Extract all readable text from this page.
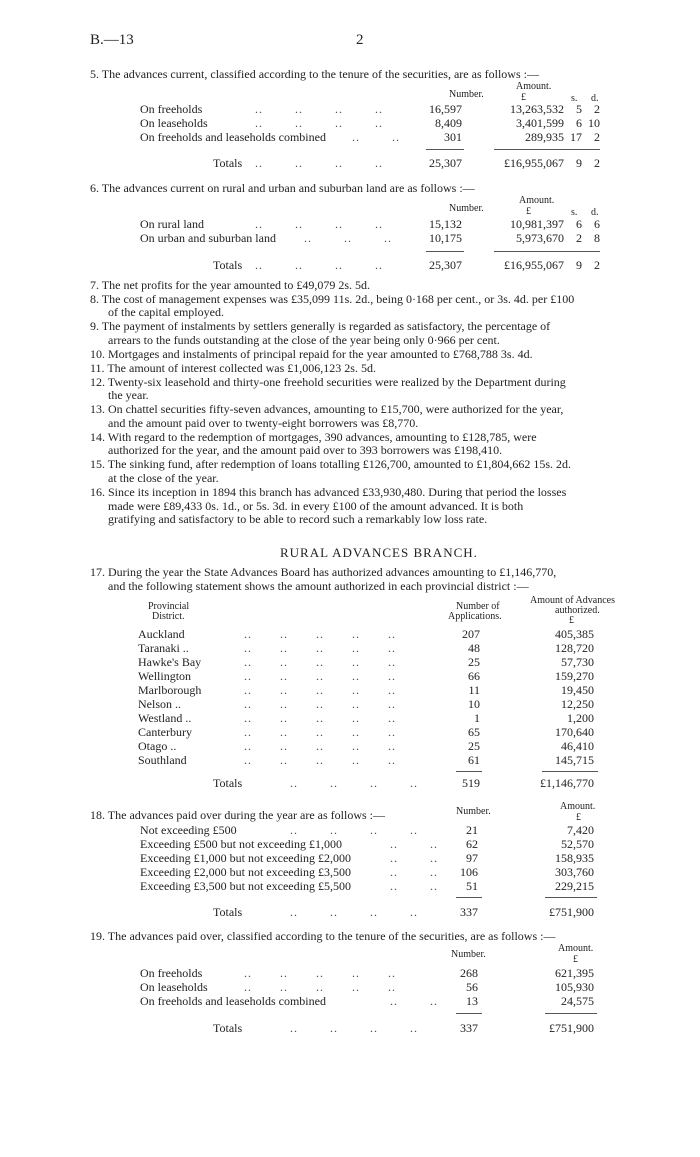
B.—13	2
5. The advances current, classified according to the tenure of the securities, are as follows :—
Amount.
Number.	£	s. d.
On freeholds	..        ..        ..        ..	16,597	13,263,532	5	2
On leaseholds	..        ..        ..        ..	8,409	3,401,599	6 10
On freeholds and leaseholds combined ..        ..	301	289,935 17	2
Totals ..        ..        ..        ..	25,307	£16,955,067	9	2
6. The advances current on rural and urban and suburban land are as follows :—
Amount.
Number.	£	s. d.
On rural land	..        ..        ..        ..	15,132	10,981,397	6	6
On urban and suburban land ..        ..        ..	10,175	5,973,670	2	8
Totals ..        ..        ..        ..	25,307	£16,955,067	9	2
7. The net profits for the year amounted to £49,079 2s. 5d.
8. The cost of management expenses was £35,099 11s. 2d., being 0·168 per cent., or 3s. 4d. per £100
of the capital employed.
9. The payment of instalments by settlers generally is regarded as satisfactory, the percentage of
arrears to the funds outstanding at the close of the year being only 0·966 per cent.
10. Mortgages and instalments of principal repaid for the year amounted to £768,788 3s. 4d.
11. The amount of interest collected was £1,006,123 2s. 5d.
12. Twenty-six leasehold and thirty-one freehold securities were realized by the Department during
the year.
13. On chattel securities fifty-seven advances, amounting to £15,700, were authorized for the year,
and the amount paid over to twenty-eight borrowers was £8,770.
14. With regard to the redemption of mortgages, 390 advances, amounting to £128,785, were
authorized for the year, and the amount paid over to 393 borrowers was £198,410.
15. The sinking fund, after redemption of loans totalling £126,700, amounted to £1,804,662 15s. 2d.
at the close of the year.
16. Since its inception in 1894 this branch has advanced £33,930,480. During that period the losses
made were £89,433 0s. 1d., or 5s. 3d. in every £100 of the amount advanced. It is both
gratifying and satisfactory to be able to record such a remarkably low loss rate.
RURAL ADVANCES BRANCH.
17. During the year the State Advances Board has authorized advances amounting to £1,146,770,
and the following statement shows the amount authorized in each provincial district :—
Amount of Advances
Provincial	Number of	authorized.
District.	Applications.	£
Auckland	..       ..       ..       ..       ..	207	405,385
Taranaki ..	..       ..       ..       ..       ..	48	128,720
Hawke's Bay	..       ..       ..       ..       ..	25	57,730
Wellington	..       ..       ..       ..       ..	66	159,270
Marlborough	..       ..       ..       ..       ..	11	19,450
Nelson ..	..       ..       ..       ..       ..	10	12,250
Westland ..	..       ..       ..       ..       ..	1	1,200
Canterbury	..       ..       ..       ..       ..	65	170,640
Otago ..	..       ..       ..       ..       ..	25	46,410
Southland	..       ..       ..       ..       ..	61	145,715
Totals	..        ..        ..        ..	519	£1,146,770
18. The advances paid over during the year are as follows :—
Amount.
Number.
£
Not exceeding £500	..        ..        ..        ..	21	7,420
Exceeding £500 but not exceeding £1,000	..        ..	62	52,570
Exceeding £1,000 but not exceeding £2,000	..        ..	97	158,935
Exceeding £2,000 but not exceeding £3,500	..        ..	106	303,760
Exceeding £3,500 but not exceeding £5,500	..        ..	51	229,215
Totals	..        ..        ..        ..	337	£751,900
19. The advances paid over, classified according to the tenure of the securities, are as follows :—
Amount.
Number.	£
On freeholds	..       ..       ..       ..       ..	268	621,395
On leaseholds	..       ..       ..       ..       ..	56	105,930
On freeholds and leaseholds combined	..        ..	13	24,575
Totals	..        ..        ..        ..	337	£751,900
